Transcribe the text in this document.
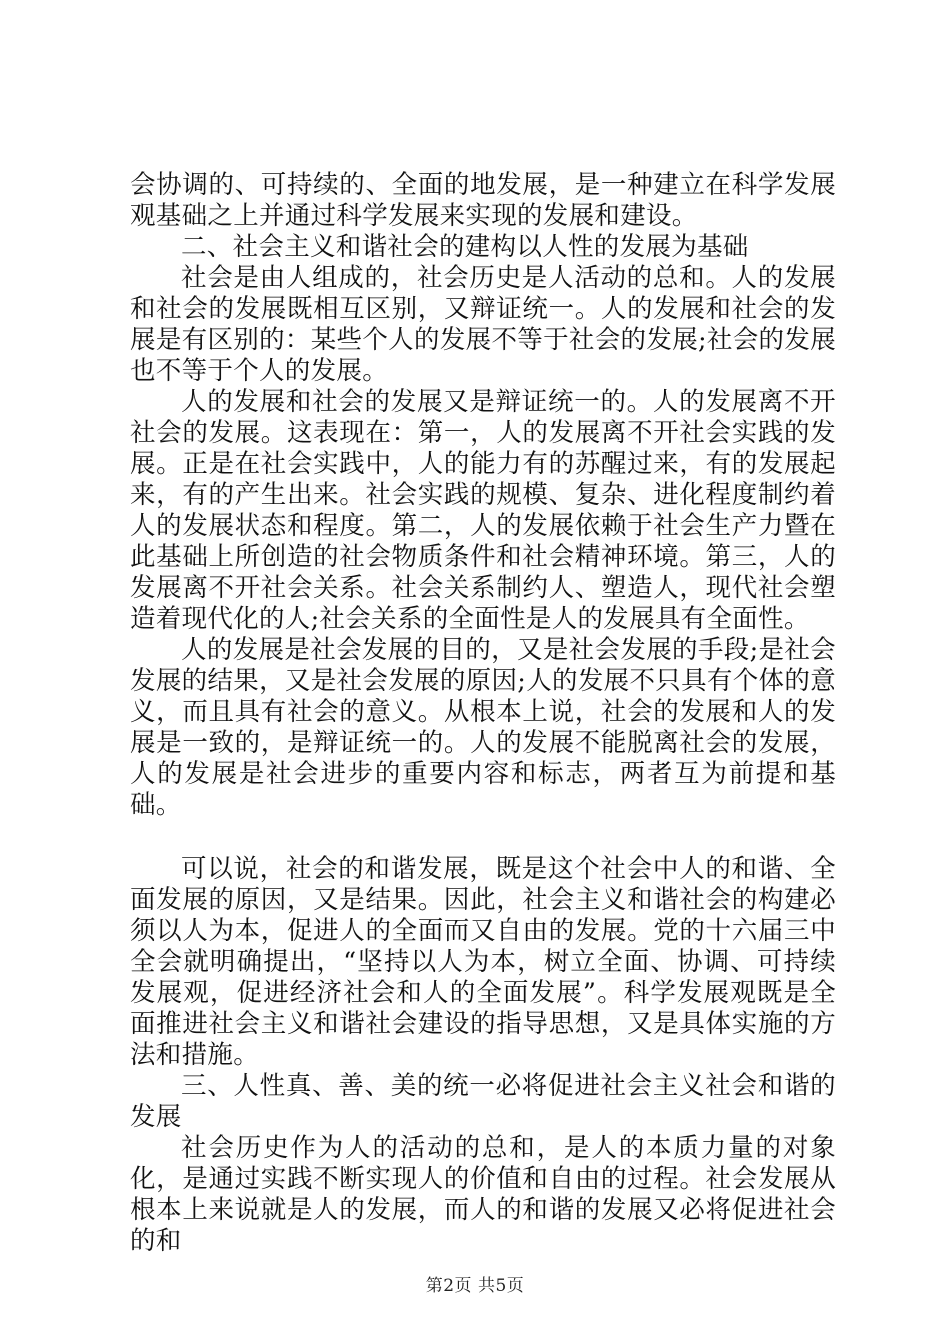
会协调的、可持续的、全面的地发展，是一种建立在科学发展观基础之上并通过科学发展来实现的发展和建设。

二、社会主义和谐社会的建构以人性的发展为基础

社会是由人组成的，社会历史是人活动的总和。人的发展和社会的发展既相互区别，又辩证统一。人的发展和社会的发展是有区别的：某些个人的发展不等于社会的发展;社会的发展也不等于个人的发展。

人的发展和社会的发展又是辩证统一的。人的发展离不开社会的发展。这表现在：第一，人的发展离不开社会实践的发展。正是在社会实践中，人的能力有的苏醒过来，有的发展起来，有的产生出来。社会实践的规模、复杂、进化程度制约着人的发展状态和程度。第二，人的发展依赖于社会生产力暨在此基础上所创造的社会物质条件和社会精神环境。第三，人的发展离不开社会关系。社会关系制约人、塑造人，现代社会塑造着现代化的人;社会关系的全面性是人的发展具有全面性。

人的发展是社会发展的目的，又是社会发展的手段;是社会发展的结果，又是社会发展的原因;人的发展不只具有个体的意义，而且具有社会的意义。从根本上说，社会的发展和人的发展是一致的，是辩证统一的。人的发展不能脱离社会的发展，人的发展是社会进步的重要内容和标志，两者互为前提和基础。

可以说，社会的和谐发展，既是这个社会中人的和谐、全面发展的原因，又是结果。因此，社会主义和谐社会的构建必须以人为本，促进人的全面而又自由的发展。党的十六届三中全会就明确提出，“坚持以人为本，树立全面、协调、可持续发展观，促进经济社会和人的全面发展”。科学发展观既是全面推进社会主义和谐社会建设的指导思想，又是具体实施的方法和措施。

三、人性真、善、美的统一必将促进社会主义社会和谐的发展

社会历史作为人的活动的总和，是人的本质力量的对象化，是通过实践不断实现人的价值和自由的过程。社会发展从根本上来说就是人的发展，而人的和谐的发展又必将促进社会的和

第2页 共5页
